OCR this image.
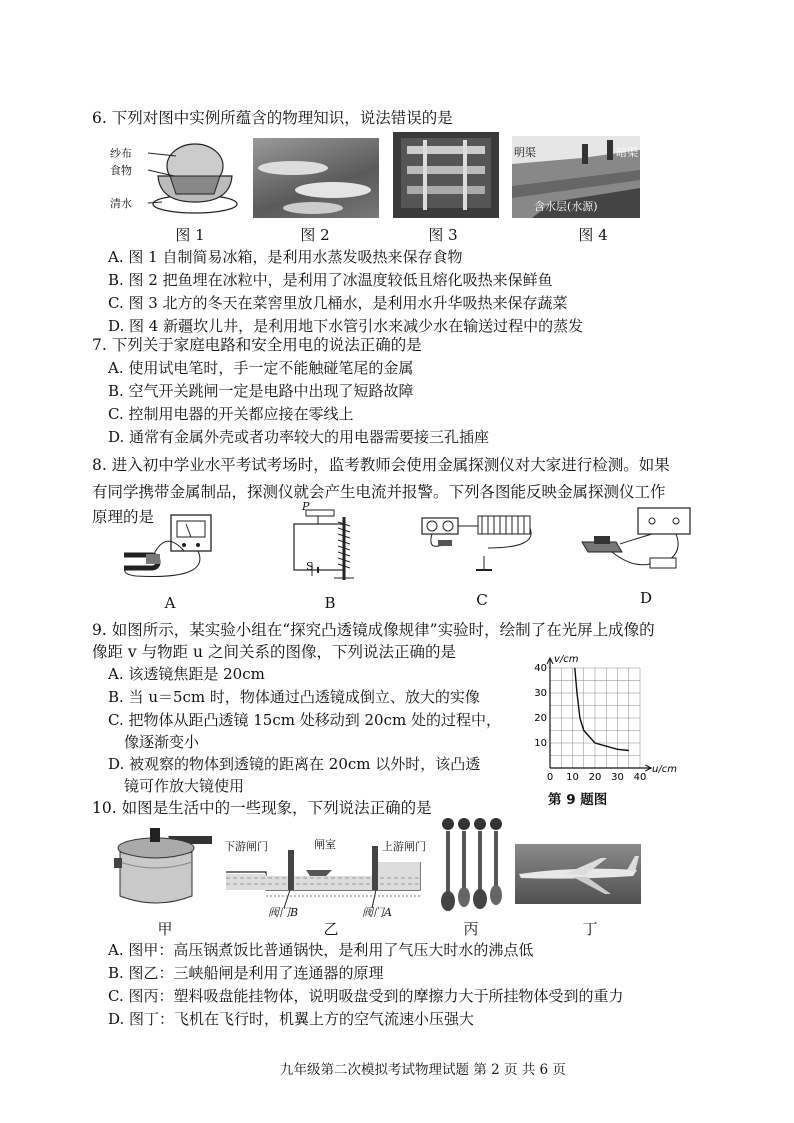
6. 下列对图中实例所蕴含的物理知识，说法错误的是
纱布
食物
清水
明渠	暗渠
含水层(水源)
图 1	图 2	图 3	图 4
A. 图 1 自制简易冰箱，是利用水蒸发吸热来保存食物
B. 图 2 把鱼埋在冰粒中，是利用了冰温度较低且熔化吸热来保鲜鱼
C. 图 3 北方的冬天在菜窖里放几桶水，是利用水升华吸热来保存蔬菜
D. 图 4 新疆坎儿井，是利用地下水管引水来减少水在输送过程中的蒸发
7. 下列关于家庭电路和安全用电的说法正确的是
A. 使用试电笔时，手一定不能触碰笔尾的金属
B. 空气开关跳闸一定是电路中出现了短路故障
C. 控制用电器的开关都应接在零线上
D. 通常有金属外壳或者功率较大的用电器需要接三孔插座
8. 进入初中学业水平考试考场时，监考教师会使用金属探测仪对大家进行检测。如果
有同学携带金属制品，探测仪就会产生电流并报警。下列各图能反映金属探测仪工作
原理的是
P
S
A	B	C	D
9. 如图所示，某实验小组在“探究凸透镜成像规律”实验时，绘制了在光屏上成像的
像距 v 与物距 u 之间关系的图像，下列说法正确的是
A. 该透镜焦距是 20cm
B. 当 u＝5cm 时，物体通过凸透镜成倒立、放大的实像
C. 把物体从距凸透镜 15cm 处移动到 20cm 处的过程中，
像逐渐变小
D. 被观察的物体到透镜的距离在 20cm 以外时，该凸透
镜可作放大镜使用	0 10 20 30 40
10
20
30
40
v/cm
u/cm
第 9 题图
10. 如图是生活中的一些现象，下列说法正确的是
下游闸门	闸室	上游闸门
阀门B	阀门A
甲	乙	丙	丁
A. 图甲：高压锅煮饭比普通锅快，是利用了气压大时水的沸点低
B. 图乙：三峡船闸是利用了连通器的原理
C. 图丙：塑料吸盘能挂物体，说明吸盘受到的摩擦力大于所挂物体受到的重力
D. 图丁：飞机在飞行时，机翼上方的空气流速小压强大
九年级第二次模拟考试物理试题 第 2 页 共 6 页
